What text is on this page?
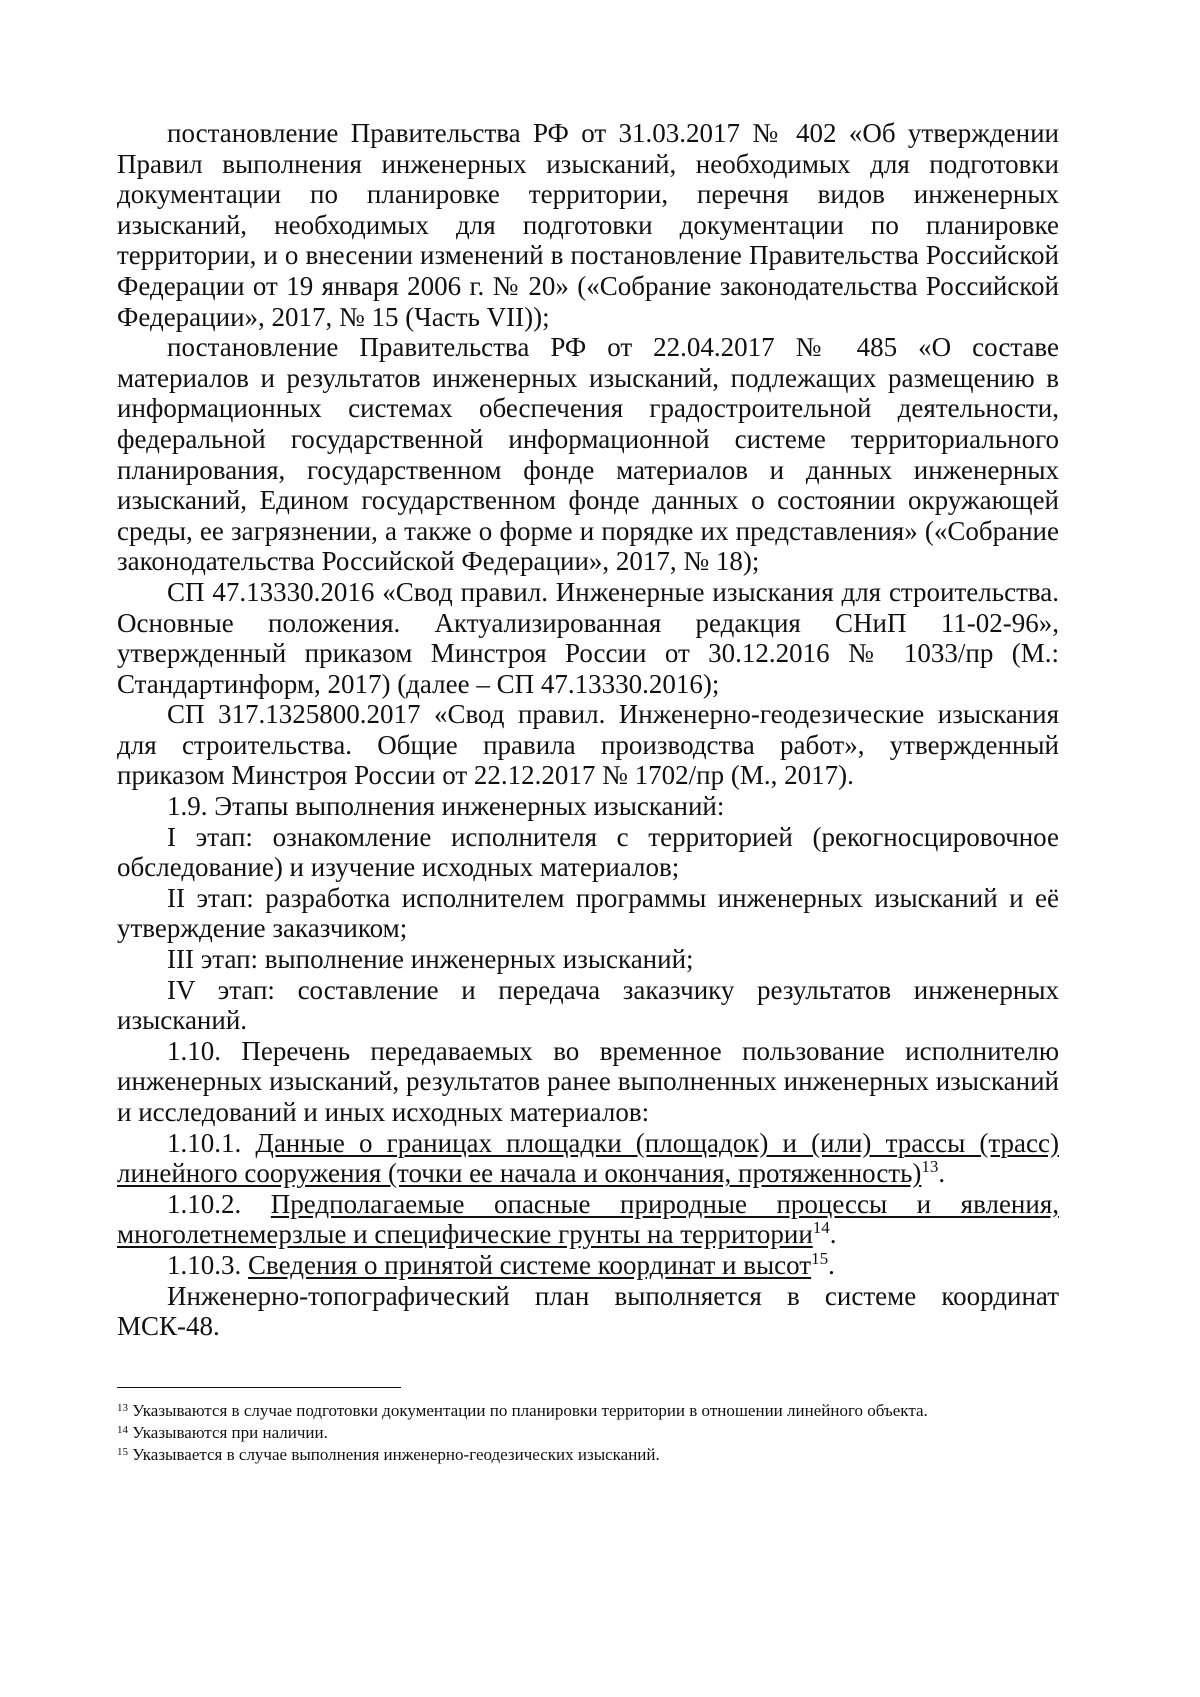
постановление Правительства РФ от 31.03.2017 № 402 «Об утверждении Правил выполнения инженерных изысканий, необходимых для подготовки документации по планировке территории, перечня видов инженерных изысканий, необходимых для подготовки документации по планировке территории, и о внесении изменений в постановление Правительства Российской Федерации от 19 января 2006 г. № 20» («Собрание законодательства Российской Федерации», 2017, № 15 (Часть VII));

постановление Правительства РФ от 22.04.2017 № 485 «О составе материалов и результатов инженерных изысканий, подлежащих размещению в информационных системах обеспечения градостроительной деятельности, федеральной государственной информационной системе территориального планирования, государственном фонде материалов и данных инженерных изысканий, Едином государственном фонде данных о состоянии окружающей среды, ее загрязнении, а также о форме и порядке их представления» («Собрание законодательства Российской Федерации», 2017, № 18);

СП 47.13330.2016 «Свод правил. Инженерные изыскания для строительства. Основные положения. Актуализированная редакция СНиП 11-02-96», утвержденный приказом Минстроя России от 30.12.2016 № 1033/пр (М.: Стандартинформ, 2017) (далее – СП 47.13330.2016);

СП 317.1325800.2017 «Свод правил. Инженерно-геодезические изыскания для строительства. Общие правила производства работ», утвержденный приказом Минстроя России от 22.12.2017 № 1702/пр (М., 2017).

1.9. Этапы выполнения инженерных изысканий:

I этап: ознакомление исполнителя с территорией (рекогносцировочное обследование) и изучение исходных материалов;

II этап: разработка исполнителем программы инженерных изысканий и её утверждение заказчиком;

III этап: выполнение инженерных изысканий;

IV этап: составление и передача заказчику результатов инженерных изысканий.

1.10. Перечень передаваемых во временное пользование исполнителю инженерных изысканий, результатов ранее выполненных инженерных изысканий и исследований и иных исходных материалов:

1.10.1. Данные о границах площадки (площадок) и (или) трассы (трасс) линейного сооружения (точки ее начала и окончания, протяженность)$^{13}$.

1.10.2. Предполагаемые опасные природные процессы и явления, многолетнемерзлые и специфические грунты на территории$^{14}$.

1.10.3. Сведения о принятой системе координат и высот$^{15}$.

Инженерно-топографический план выполняется в системе координат МСК-48.

$^{13}$ Указываются в случае подготовки документации по планировки территории в отношении линейного объекта.
$^{14}$ Указываются при наличии.
$^{15}$ Указывается в случае выполнения инженерно-геодезических изысканий.
